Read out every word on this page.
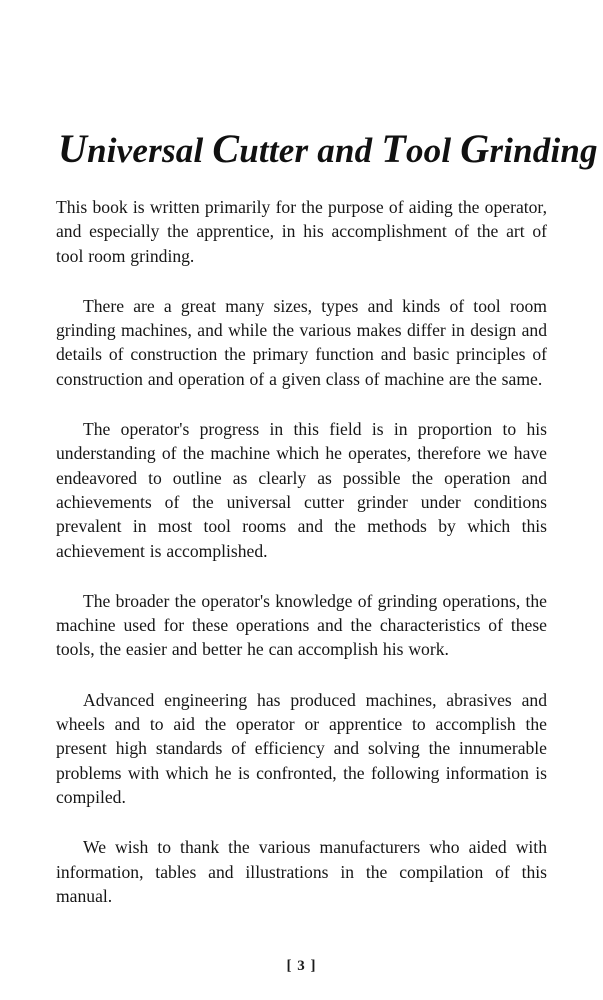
Universal Cutter and Tool Grinding

This book is written primarily for the purpose of aiding the operator, and especially the apprentice, in his accomplishment of the art of tool room grinding.

There are a great many sizes, types and kinds of tool room grinding machines, and while the various makes differ in design and details of construction the primary function and basic principles of construction and operation of a given class of machine are the same.

The operator's progress in this field is in proportion to his understanding of the machine which he operates, therefore we have endeavored to outline as clearly as possible the operation and achievements of the universal cutter grinder under conditions prevalent in most tool rooms and the methods by which this achievement is accomplished.

The broader the operator's knowledge of grinding operations, the machine used for these operations and the characteristics of these tools, the easier and better he can accomplish his work.

Advanced engineering has produced machines, abrasives and wheels and to aid the operator or apprentice to accomplish the present high standards of efficiency and solving the innumerable problems with which he is confronted, the following information is compiled.

We wish to thank the various manufacturers who aided with information, tables and illustrations in the compilation of this manual.

[ 3 ]
